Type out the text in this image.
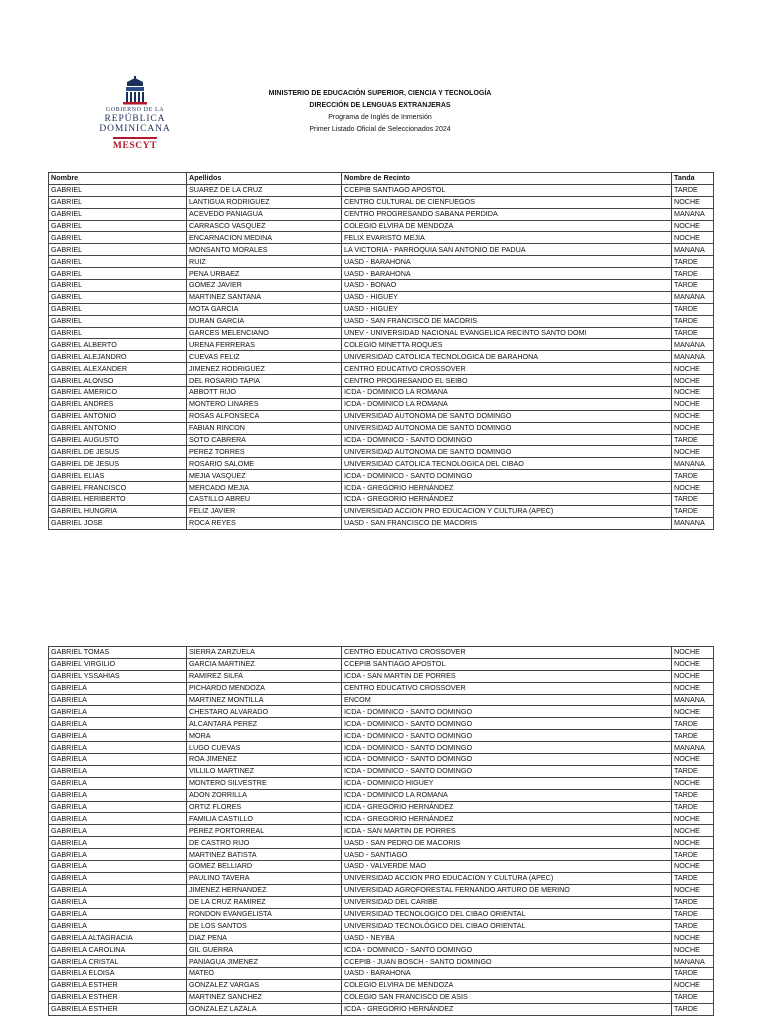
GOBIERNO DE LA
REPÚBLICA DOMINICANA
MESCYT
MINISTERIO DE EDUCACIÓN SUPERIOR, CIENCIA Y TECNOLOGÍA
DIRECCIÓN DE LENGUAS EXTRANJERAS
Programa de Inglés de Inmersión
Primer Listado Oficial de Seleccionados 2024
Nombre	Apellidos	Nombre de Recinto	Tanda
GABRIEL	SUAREZ DE LA CRUZ	CCEPIB SANTIAGO APOSTOL	TARDE
GABRIEL	LANTIGUA RODRIGUEZ	CENTRO CULTURAL DE CIENFUEGOS	NOCHE
GABRIEL	ACEVEDO PANIAGUA	CENTRO PROGRESANDO SABANA PERDIDA	MANANA
GABRIEL	CARRASCO VASQUEZ	COLEGIO ELVIRA DE MENDOZA	NOCHE
GABRIEL	ENCARNACION MEDINA	FELIX EVARISTO MEJIA	NOCHE
GABRIEL	MONSANTO MORALES	LA VICTORIA - PARROQUIA SAN ANTONIO DE PADUA	MANANA
GABRIEL	RUIZ	UASD - BARAHONA	TARDE
GABRIEL	PENA URBAEZ	UASD - BARAHONA	TARDE
GABRIEL	GOMEZ JAVIER	UASD - BONAO	TARDE
GABRIEL	MARTINEZ SANTANA	UASD - HIGUEY	MANANA
GABRIEL	MOTA GARCIA	UASD - HIGUEY	TARDE
GABRIEL	DURAN GARCIA	UASD - SAN FRANCISCO DE MACORIS	TARDE
GABRIEL	GARCES MELENCIANO	UNEV - UNIVERSIDAD NACIONAL EVANGELICA RECINTO SANTO DOMI	TARDE
GABRIEL ALBERTO	URENA FERRERAS	COLEGIO MINETTA ROQUES	MANANA
GABRIEL ALEJANDRO	CUEVAS FELIZ	UNIVERSIDAD CATOLICA TECNOLOGICA DE BARAHONA	MANANA
GABRIEL ALEXANDER	JIMENEZ RODRIGUEZ	CENTRO EDUCATIVO CROSSOVER	NOCHE
GABRIEL ALONSO	DEL ROSARIO TAPIA	CENTRO PROGRESANDO EL SEIBO	NOCHE
GABRIEL AMERICO	ABBOTT RIJO	ICDA - DOMINICO LA ROMANA	NOCHE
GABRIEL ANDRES	MONTERO LINARES	ICDA - DOMINICO LA ROMANA	NOCHE
GABRIEL ANTONIO	ROSAS ALFONSECA	UNIVERSIDAD AUTONOMA DE SANTO DOMINGO	NOCHE
GABRIEL ANTONIO	FABIAN RINCON	UNIVERSIDAD AUTONOMA DE SANTO DOMINGO	NOCHE
GABRIEL AUGUSTO	SOTO CABRERA	ICDA - DOMINICO - SANTO DOMINGO	TARDE
GABRIEL DE JESUS	PEREZ TORRES	UNIVERSIDAD AUTONOMA DE SANTO DOMINGO	NOCHE
GABRIEL DE JESUS	ROSARIO SALOME	UNIVERSIDAD CATOLICA TECNOLOGICA DEL CIBAO	MANANA
GABRIEL ELIAS	MEJIA VASQUEZ	ICDA - DOMINICO - SANTO DOMINGO	TARDE
GABRIEL FRANCISCO	MERCADO MEJIA	ICDA - GREGORIO HERNÁNDEZ	NOCHE
GABRIEL HERIBERTO	CASTILLO ABREU	ICDA - GREGORIO HERNÁNDEZ	TARDE
GABRIEL HUNGRIA	FELIZ JAVIER	UNIVERSIDAD ACCION PRO EDUCACION Y CULTURA (APEC)	TARDE
GABRIEL JOSE	ROCA REYES	UASD - SAN FRANCISCO DE MACORIS	MANANA
GABRIEL TOMAS	SIERRA ZARZUELA	CENTRO EDUCATIVO CROSSOVER	NOCHE
GABRIEL VIRGILIO	GARCIA MARTINEZ	CCEPIB SANTIAGO APOSTOL	NOCHE
GABRIEL YSSAHIAS	RAMIREZ SILFA	ICDA - SAN MARTIN DE PORRES	NOCHE
GABRIELA	PICHARDO MENDOZA	CENTRO EDUCATIVO CROSSOVER	NOCHE
GABRIELA	MARTINEZ MONTILLA	ENCOM	MANANA
GABRIELA	CHESTARO ALVARADO	ICDA - DOMINICO - SANTO DOMINGO	NOCHE
GABRIELA	ALCANTARA PEREZ	ICDA - DOMINICO - SANTO DOMINGO	TARDE
GABRIELA	MORA	ICDA - DOMINICO - SANTO DOMINGO	TARDE
GABRIELA	LUGO CUEVAS	ICDA - DOMINICO - SANTO DOMINGO	MANANA
GABRIELA	ROA JIMENEZ	ICDA - DOMINICO - SANTO DOMINGO	NOCHE
GABRIELA	VILLILO MARTINEZ	ICDA - DOMINICO - SANTO DOMINGO	TARDE
GABRIELA	MONTERO SILVESTRE	ICDA - DOMINICO HIGUEY	NOCHE
GABRIELA	ADON ZORRILLA	ICDA - DOMINICO LA ROMANA	TARDE
GABRIELA	ORTIZ FLORES	ICDA - GREGORIO HERNÁNDEZ	TARDE
GABRIELA	FAMILIA CASTILLO	ICDA - GREGORIO HERNÁNDEZ	NOCHE
GABRIELA	PEREZ PORTORREAL	ICDA - SAN MARTIN DE PORRES	NOCHE
GABRIELA	DE CASTRO RIJO	UASD - SAN PEDRO DE MACORIS	NOCHE
GABRIELA	MARTINEZ BATISTA	UASD - SANTIAGO	TARDE
GABRIELA	GOMEZ BELLIARD	UASD - VALVERDE MAO	NOCHE
GABRIELA	PAULINO TAVERA	UNIVERSIDAD ACCION PRO EDUCACION Y CULTURA (APEC)	TARDE
GABRIELA	JIMENEZ HERNANDEZ	UNIVERSIDAD AGROFORESTAL FERNANDO ARTURO DE MERINO	NOCHE
GABRIELA	DE LA CRUZ RAMIREZ	UNIVERSIDAD DEL CARIBE	TARDE
GABRIELA	RONDON EVANGELISTA	UNIVERSIDAD TECNOLOGICO DEL CIBAO ORIENTAL	TARDE
GABRIELA	DE LOS SANTOS	UNIVERSIDAD TECNOLÓGICO DEL CIBAO ORIENTAL	TARDE
GABRIELA ALTAGRACIA	DIAZ PENA	UASD - NEYBA	NOCHE
GABRIELA CAROLINA	GIL GUERRA	ICDA - DOMINICO - SANTO DOMINGO	NOCHE
GABRIELA CRISTAL	PANIAGUA JIMENEZ	CCEPIB - JUAN BOSCH - SANTO DOMINGO	MANANA
GABRIELA ELOISA	MATEO	UASD - BARAHONA	TARDE
GABRIELA ESTHER	GONZALEZ VARGAS	COLEGIO ELVIRA DE MENDOZA	NOCHE
GABRIELA ESTHER	MARTINEZ SANCHEZ	COLEGIO SAN FRANCISCO DE ASIS	TARDE
GABRIELA ESTHER	GONZALEZ LAZALA	ICDA - GREGORIO HERNÁNDEZ	TARDE
